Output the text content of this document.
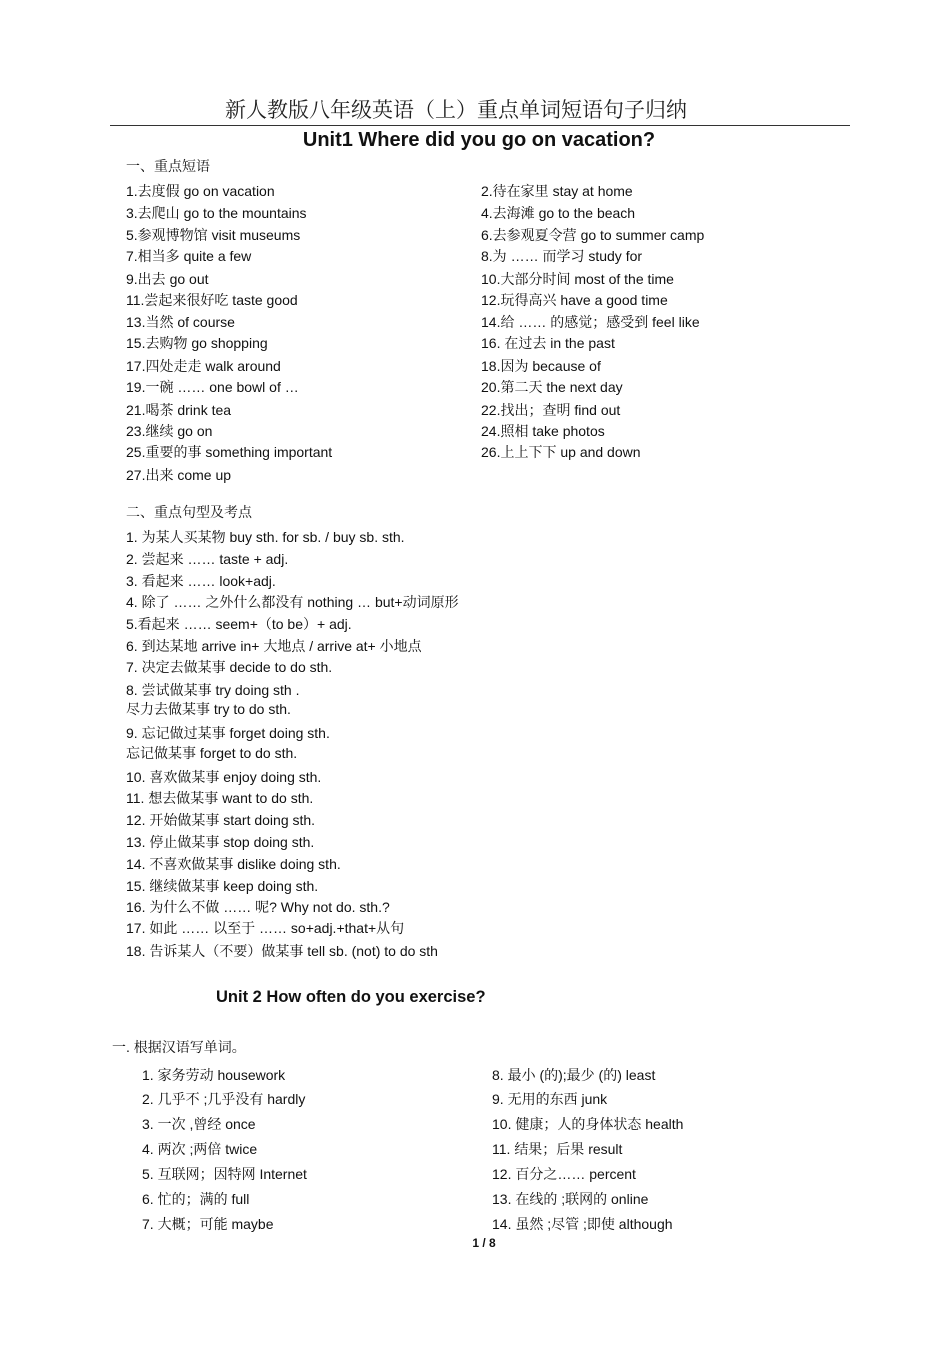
新人教版八年级英语（上）重点单词短语句子归纳
Unit1 Where did you go on vacation?
一、重点短语
1.去度假 go on vacation
3.去爬山 go to the mountains
5.参观博物馆 visit museums
7.相当多 quite a few
9.出去 go out
11.尝起来很好吃 taste good
13.当然 of course
15.去购物 go shopping
17.四处走走 walk around
19.一碗 …… one bowl of …
21.喝茶 drink tea
23.继续 go on
25.重要的事 something important
27.出来 come up
2.待在家里 stay at home
4.去海滩 go to the beach
6.去参观夏令营 go to summer camp
8.为 …… 而学习 study for
10.大部分时间 most of the time
12.玩得高兴 have a good time
14.给 …… 的感觉；感受到 feel like
16. 在过去 in the past
18.因为 because of
20.第二天 the next day
22.找出；查明 find out
24.照相 take photos
26.上上下下 up and down
二、重点句型及考点
1. 为某人买某物 buy sth. for sb. / buy sb. sth.
2. 尝起来 …… taste + adj.
3. 看起来 …… look+adj.
4. 除了 …… 之外什么都没有 nothing … but+动词原形
5.看起来 …… seem+（to be）+ adj.
6. 到达某地 arrive in+ 大地点 / arrive at+ 小地点
7. 决定去做某事 decide to do sth.
8. 尝试做某事 try doing sth .
尽力去做某事 try to do sth.
9. 忘记做过某事 forget doing sth.
忘记做某事 forget to do sth.
10. 喜欢做某事 enjoy doing sth.
11. 想去做某事 want to do sth.
12. 开始做某事 start doing sth.
13. 停止做某事 stop doing sth.
14. 不喜欢做某事 dislike doing sth.
15. 继续做某事 keep doing sth.
16. 为什么不做 …… 呢? Why not do. sth.?
17. 如此 …… 以至于 …… so+adj.+that+从句
18. 告诉某人（不要）做某事 tell sb. (not) to do sth
Unit 2 How often do you exercise?
一. 根据汉语写单词。
1. 家务劳动 housework
2. 几乎不 ;几乎没有 hardly
3. 一次 ,曾经 once
4. 两次 ;两倍 twice
5. 互联网；因特网 Internet
6. 忙的；满的 full
7. 大概；可能 maybe
8. 最小 (的);最少 (的) least
9. 无用的东西 junk
10. 健康；人的身体状态 health
11. 结果；后果 result
12. 百分之…… percent
13. 在线的 ;联网的 online
14. 虽然 ;尽管 ;即使 although
1 / 8
